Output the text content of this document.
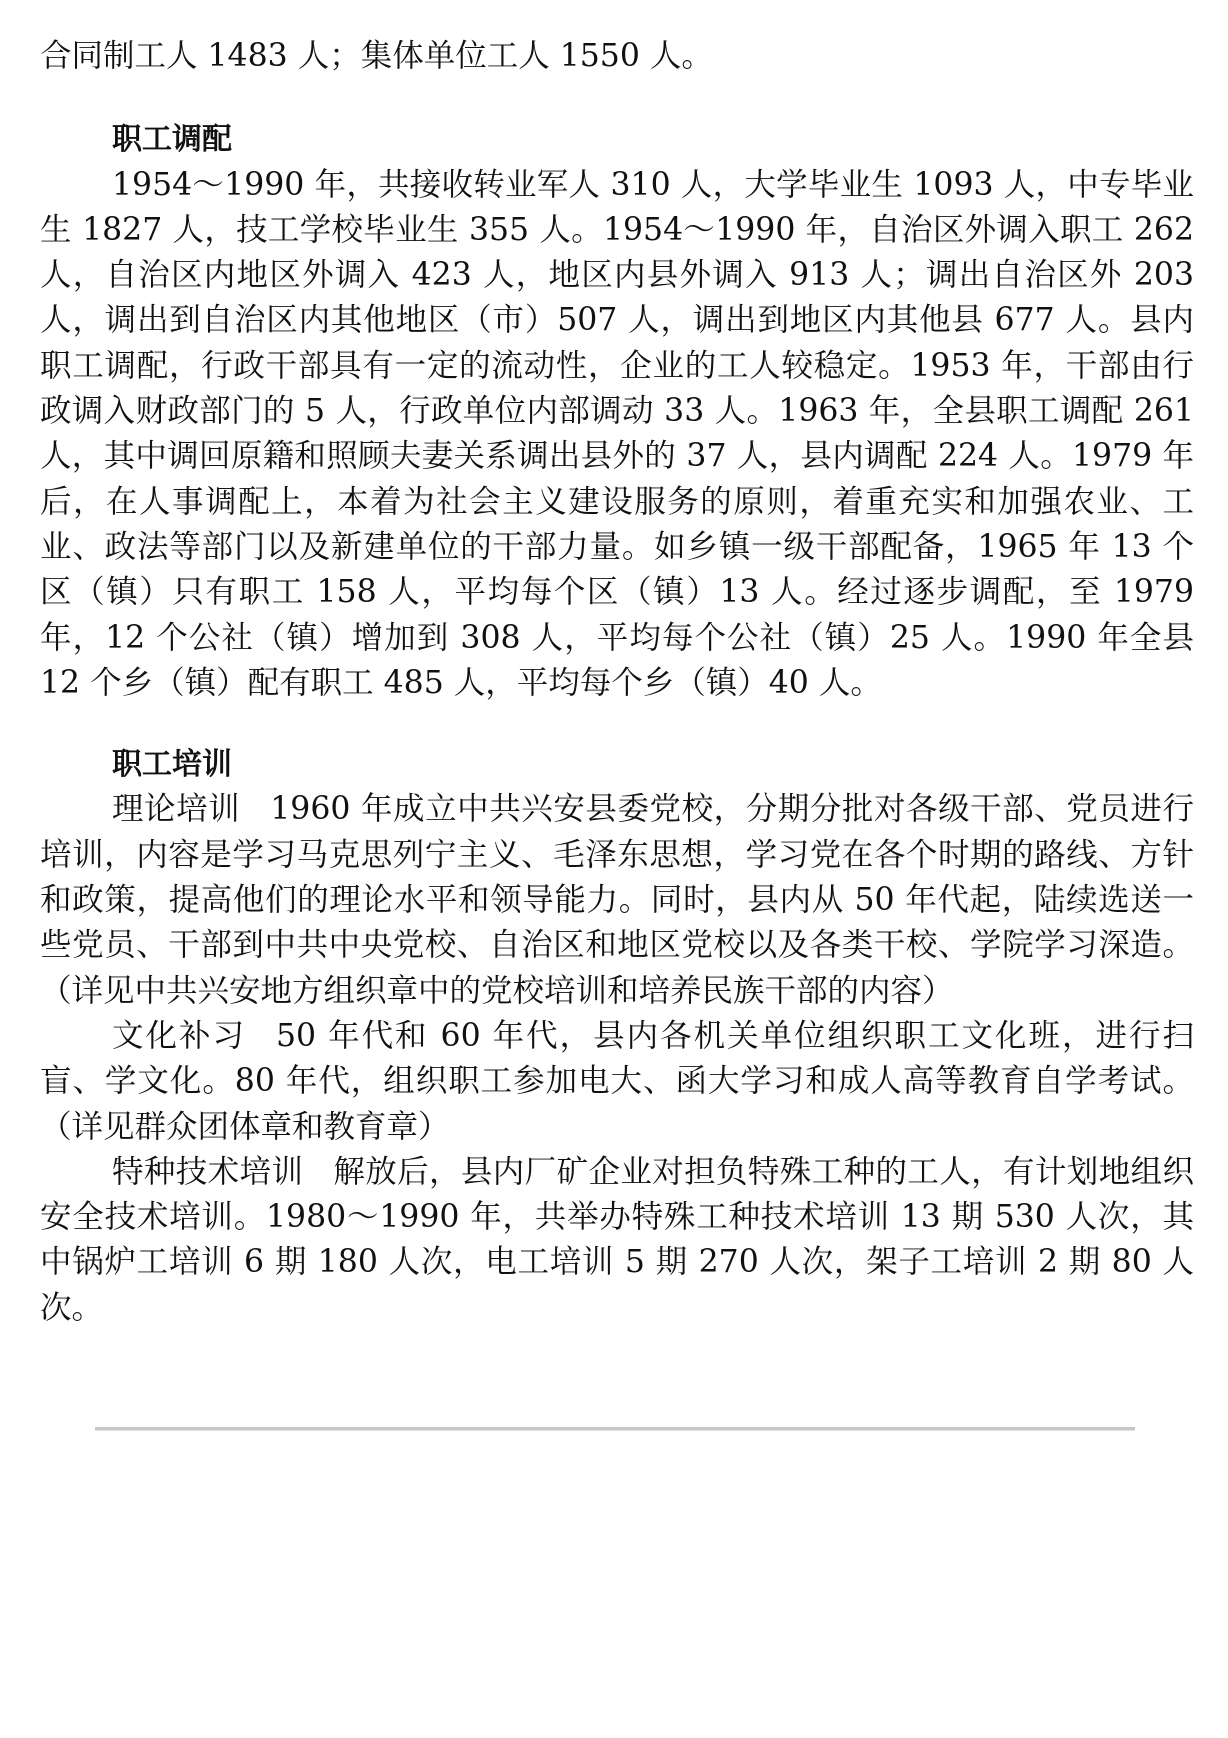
合同制工人 1483 人；集体单位工人 1550 人。

职工调配

1954～1990 年，共接收转业军人 310 人，大学毕业生 1093 人，中专毕业生 1827 人，技工学校毕业生 355 人。1954～1990 年，自治区外调入职工 262 人，自治区内地区外调入 423 人，地区内县外调入 913 人；调出自治区外 203 人，调出到自治区内其他地区（市）507 人，调出到地区内其他县 677 人。县内职工调配，行政干部具有一定的流动性，企业的工人较稳定。1953 年，干部由行政调入财政部门的 5 人，行政单位内部调动 33 人。1963 年，全县职工调配 261 人，其中调回原籍和照顾夫妻关系调出县外的 37 人，县内调配 224 人。1979 年后，在人事调配上，本着为社会主义建设服务的原则，着重充实和加强农业、工业、政法等部门以及新建单位的干部力量。如乡镇一级干部配备，1965 年 13 个区（镇）只有职工 158 人，平均每个区（镇）13 人。经过逐步调配，至 1979 年，12 个公社（镇）增加到 308 人，平均每个公社（镇）25 人。1990 年全县 12 个乡（镇）配有职工 485 人，平均每个乡（镇）40 人。

职工培训

理论培训 1960 年成立中共兴安县委党校，分期分批对各级干部、党员进行培训，内容是学习马克思列宁主义、毛泽东思想，学习党在各个时期的路线、方针和政策，提高他们的理论水平和领导能力。同时，县内从 50 年代起，陆续选送一些党员、干部到中共中央党校、自治区和地区党校以及各类干校、学院学习深造。（详见中共兴安地方组织章中的党校培训和培养民族干部的内容）

文化补习 50 年代和 60 年代，县内各机关单位组织职工文化班，进行扫盲、学文化。80 年代，组织职工参加电大、函大学习和成人高等教育自学考试。（详见群众团体章和教育章）

特种技术培训 解放后，县内厂矿企业对担负特殊工种的工人，有计划地组织安全技术培训。1980～1990 年，共举办特殊工种技术培训 13 期 530 人次，其中锅炉工培训 6 期 180 人次，电工培训 5 期 270 人次，架子工培训 2 期 80 人次。
